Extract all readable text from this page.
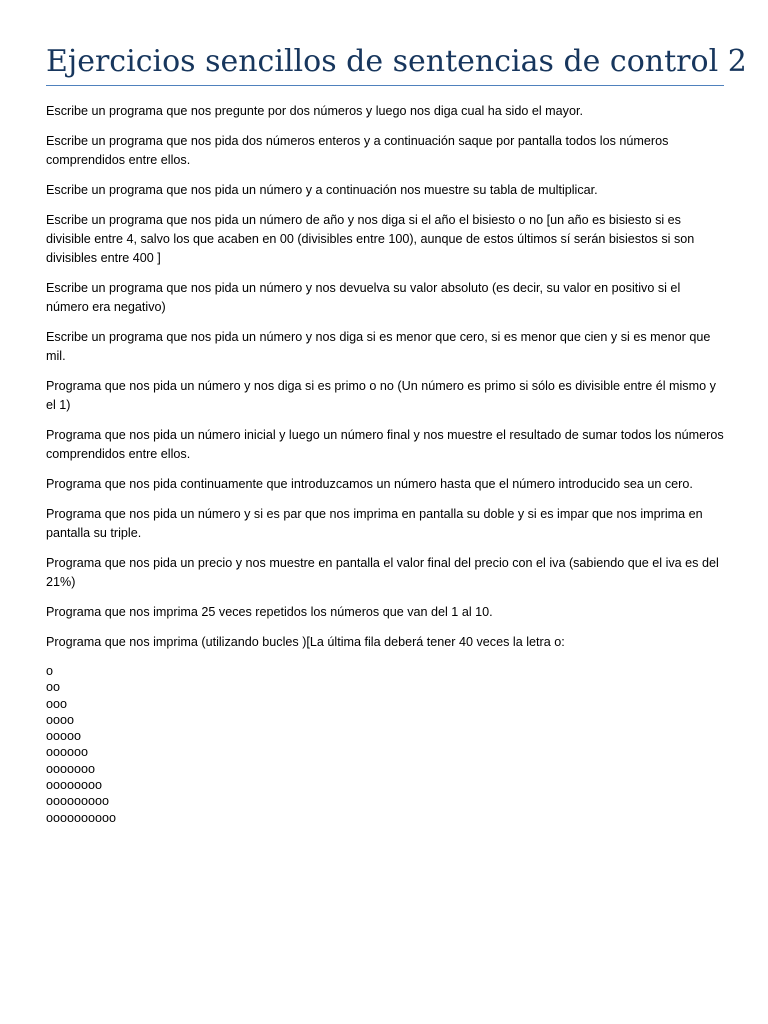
Ejercicios sencillos de sentencias de control 2

Escribe un programa que nos pregunte por dos números y luego nos diga cual ha sido el mayor.

Escribe un programa que nos pida dos números enteros y a continuación saque por pantalla todos los números comprendidos entre ellos.

Escribe un programa que nos pida un número y a continuación nos muestre su tabla de multiplicar.

Escribe un programa que nos pida un número de año y nos diga si el año el bisiesto o no [un año es bisiesto si es divisible entre 4, salvo los que acaben en 00 (divisibles entre 100), aunque de estos últimos sí serán bisiestos si son divisibles entre 400 ]

Escribe un programa que nos pida un número y nos devuelva su valor absoluto (es decir, su valor en positivo si el número era negativo)

Escribe un programa que nos pida un número y nos diga si es menor que cero, si es menor que cien y si es menor que mil.

Programa que nos pida un número y nos diga si es primo o no (Un número es primo si sólo es divisible entre él mismo y el 1)

Programa que nos pida un número inicial y luego un número final y nos muestre el resultado de sumar todos los números comprendidos entre ellos.

Programa que nos pida continuamente que introduzcamos un número hasta que el número introducido sea un cero.

Programa que nos pida un número y si es par que nos imprima en pantalla su doble y si es impar que nos imprima en pantalla su triple.

Programa que nos pida un precio y nos muestre en pantalla el valor final del precio con el iva (sabiendo que el iva es del 21%)

Programa que nos imprima 25 veces repetidos los números que van del 1 al 10.

Programa que nos imprima (utilizando bucles )[La última fila deberá tener 40 veces la letra o:

o
oo
ooo
oooo
ooooo
oooooo
ooooooo
oooooooo
ooooooooo
oooooooooo
